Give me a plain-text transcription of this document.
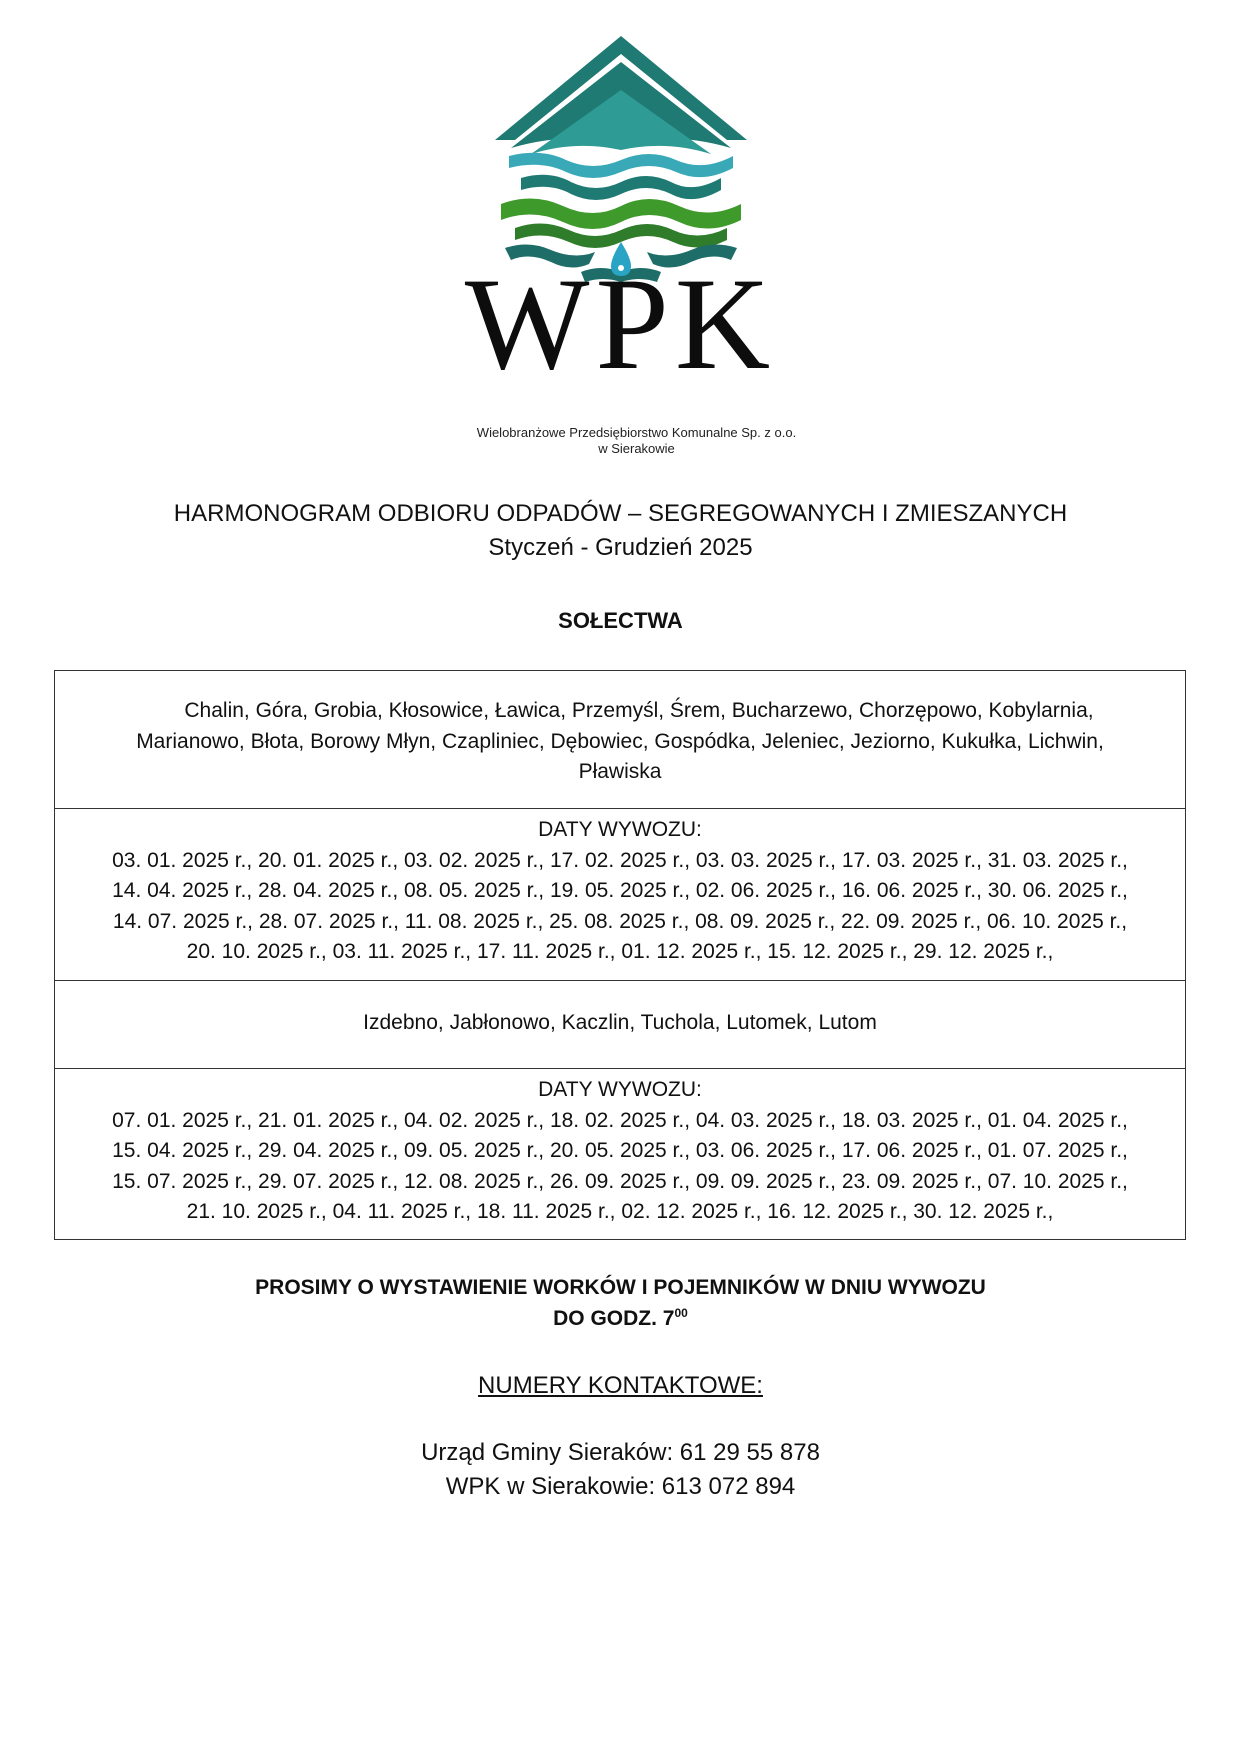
WPK
Wielobranżowe Przedsiębiorstwo Komunalne Sp. z o.o.
w Sierakowie
HARMONOGRAM ODBIORU ODPADÓW – SEGREGOWANYCH I ZMIESZANYCH
Styczeń - Grudzień 2025
SOŁECTWA
Chalin, Góra, Grobia, Kłosowice, Ławica, Przemyśl, Śrem, Bucharzewo, Chorzępowo, Kobylarnia,
Marianowo, Błota, Borowy Młyn, Czapliniec, Dębowiec, Gospódka, Jeleniec, Jeziorno, Kukułka, Lichwin,
Pławiska
DATY WYWOZU:
03. 01. 2025 r., 20. 01. 2025 r., 03. 02. 2025 r., 17. 02. 2025 r., 03. 03. 2025 r., 17. 03. 2025 r., 31. 03. 2025 r.,
14. 04. 2025 r., 28. 04. 2025 r., 08. 05. 2025 r., 19. 05. 2025 r., 02. 06. 2025 r., 16. 06. 2025 r., 30. 06. 2025 r.,
14. 07. 2025 r., 28. 07. 2025 r., 11. 08. 2025 r., 25. 08. 2025 r., 08. 09. 2025 r., 22. 09. 2025 r., 06. 10. 2025 r.,
20. 10. 2025 r., 03. 11. 2025 r., 17. 11. 2025 r., 01. 12. 2025 r., 15. 12. 2025 r., 29. 12. 2025 r.,
Izdebno, Jabłonowo, Kaczlin, Tuchola, Lutomek, Lutom
DATY WYWOZU:
07. 01. 2025 r., 21. 01. 2025 r., 04. 02. 2025 r., 18. 02. 2025 r., 04. 03. 2025 r., 18. 03. 2025 r., 01. 04. 2025 r.,
15. 04. 2025 r., 29. 04. 2025 r., 09. 05. 2025 r., 20. 05. 2025 r., 03. 06. 2025 r., 17. 06. 2025 r., 01. 07. 2025 r.,
15. 07. 2025 r., 29. 07. 2025 r., 12. 08. 2025 r., 26. 09. 2025 r., 09. 09. 2025 r., 23. 09. 2025 r., 07. 10. 2025 r.,
21. 10. 2025 r., 04. 11. 2025 r., 18. 11. 2025 r., 02. 12. 2025 r., 16. 12. 2025 r., 30. 12. 2025 r.,
PROSIMY O WYSTAWIENIE WORKÓW I POJEMNIKÓW W DNIU WYWOZU
DO GODZ. $7^{00}$
NUMERY KONTAKTOWE:
Urząd Gminy Sieraków: 61 29 55 878
WPK w Sierakowie: 613 072 894
